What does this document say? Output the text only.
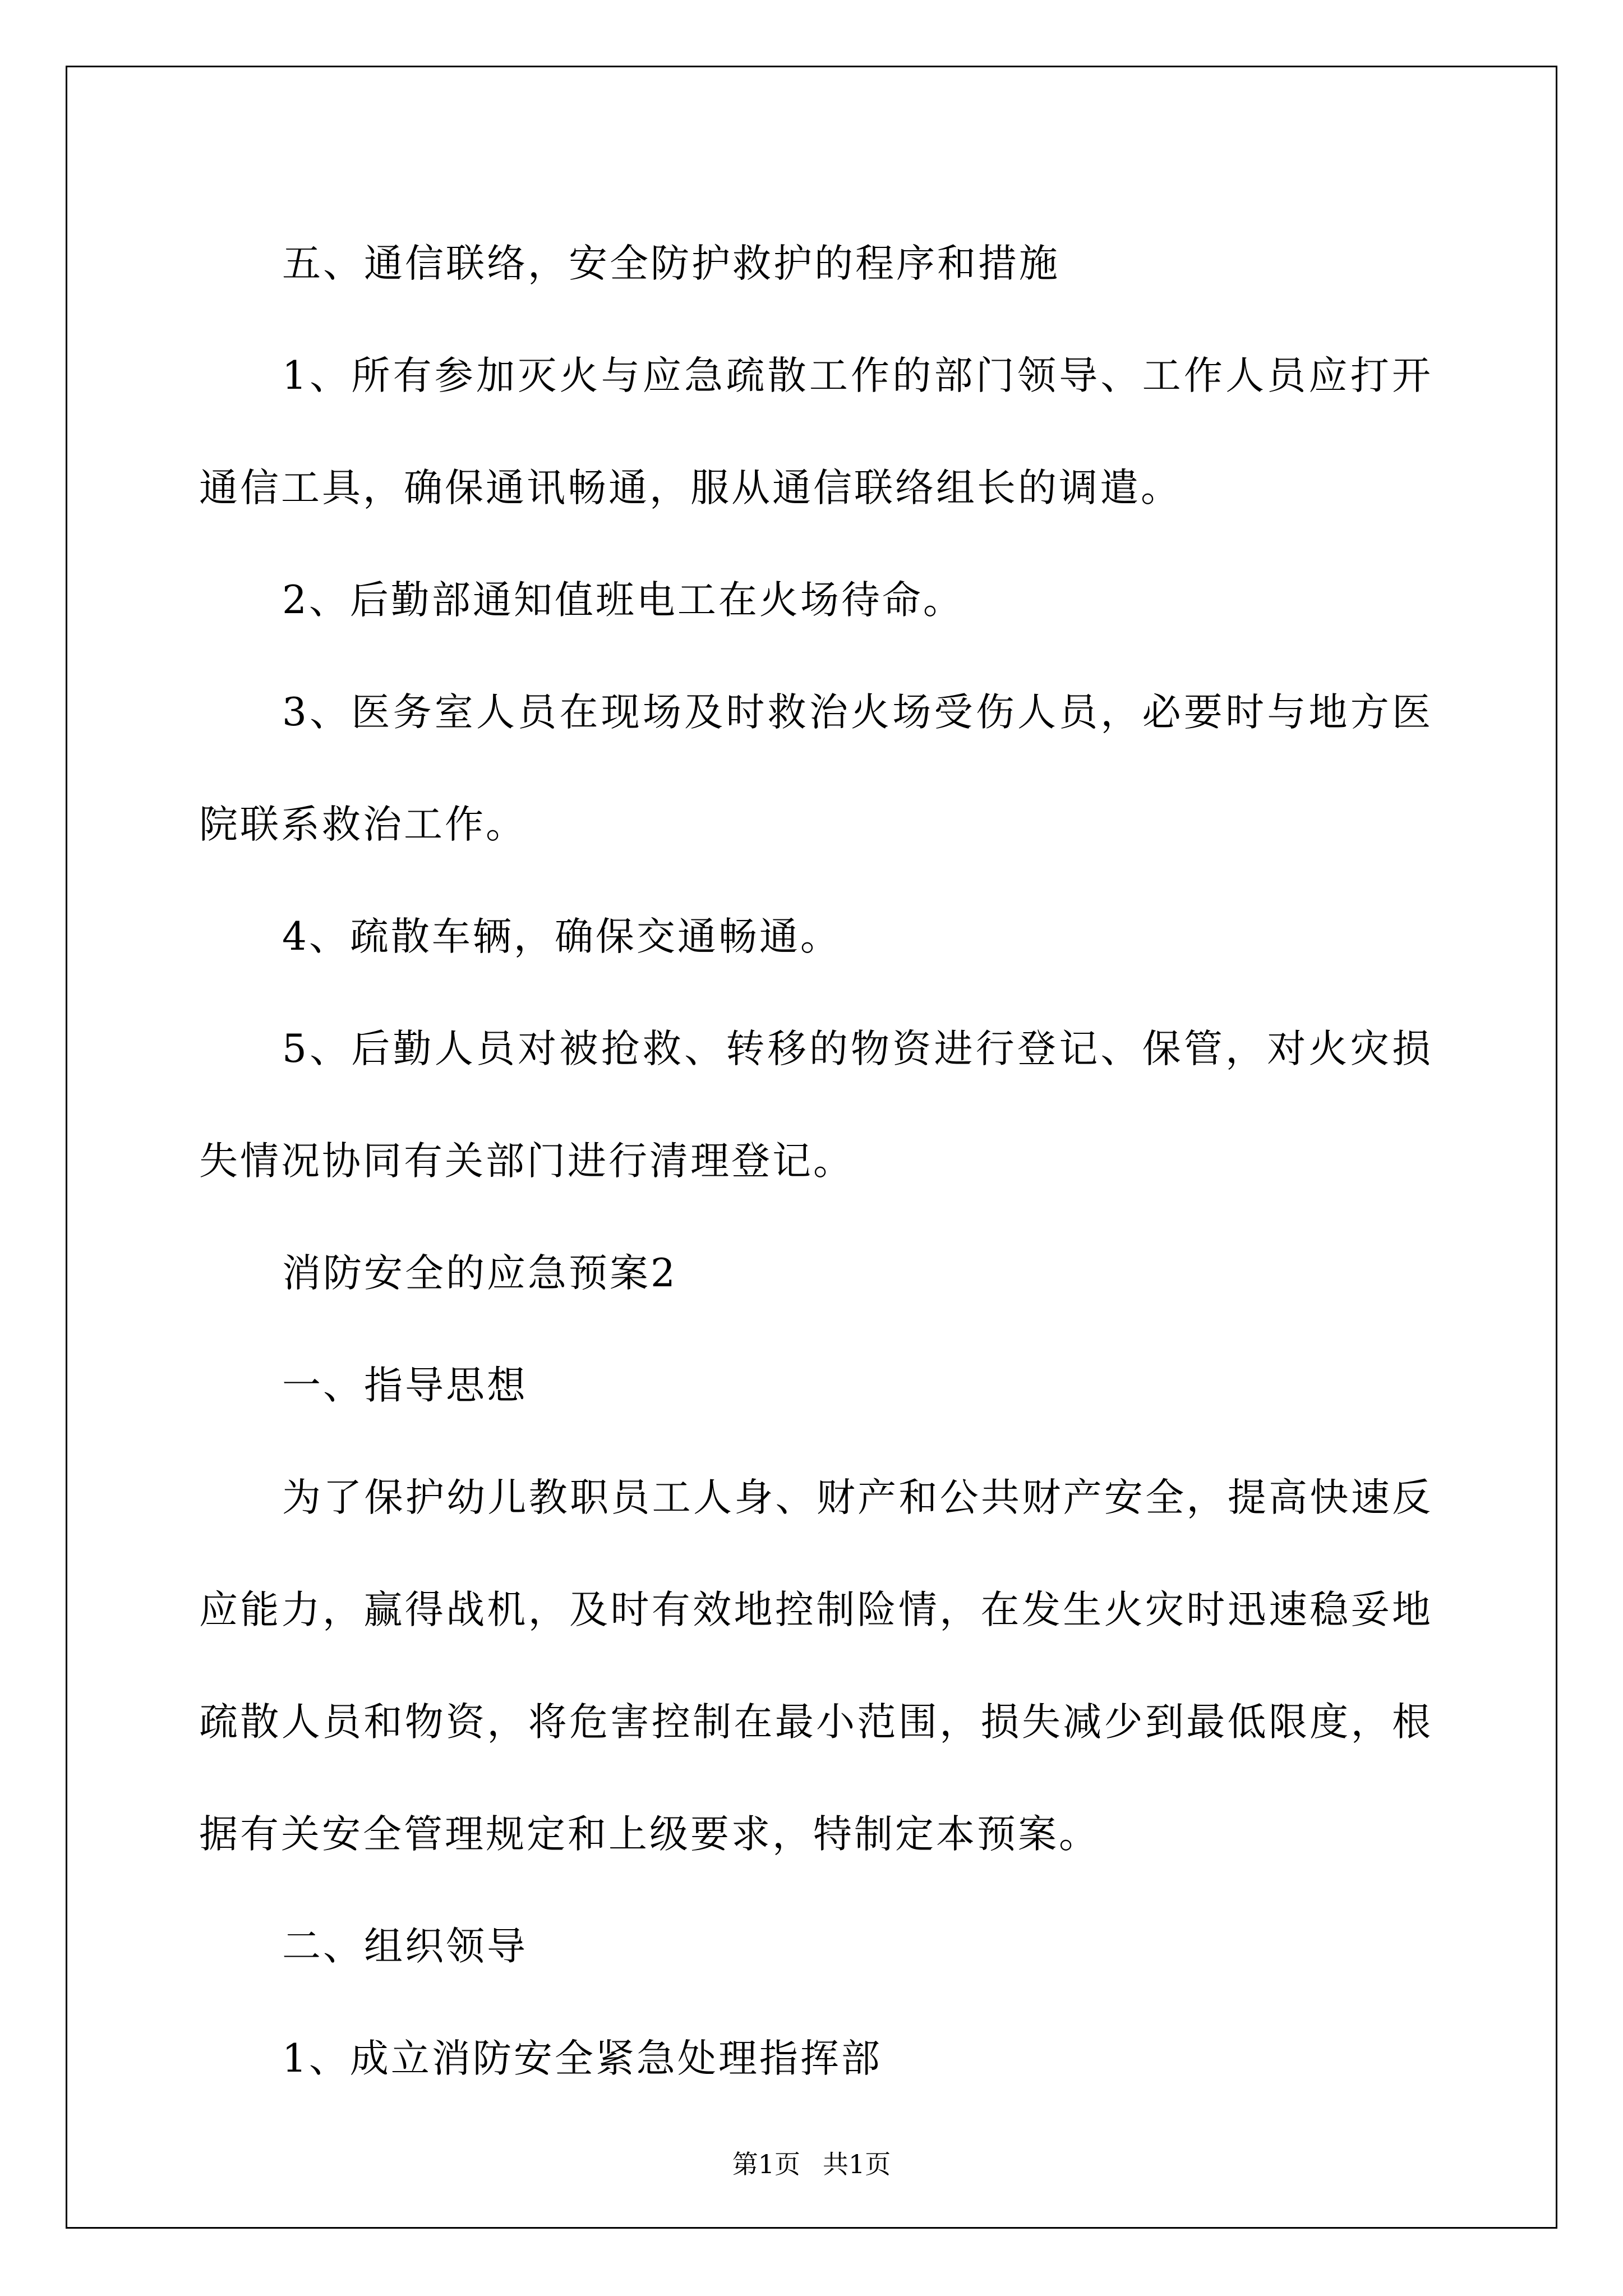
五、通信联络，安全防护救护的程序和措施

1、所有参加灭火与应急疏散工作的部门领导、工作人员应打开通信工具，确保通讯畅通，服从通信联络组长的调遣。

2、后勤部通知值班电工在火场待命。

3、医务室人员在现场及时救治火场受伤人员，必要时与地方医院联系救治工作。

4、疏散车辆，确保交通畅通。

5、后勤人员对被抢救、转移的物资进行登记、保管，对火灾损失情况协同有关部门进行清理登记。

消防安全的应急预案2

一、指导思想

为了保护幼儿教职员工人身、财产和公共财产安全，提高快速反应能力，赢得战机，及时有效地控制险情，在发生火灾时迅速稳妥地疏散人员和物资，将危害控制在最小范围，损失减少到最低限度，根据有关安全管理规定和上级要求，特制定本预案。

二、组织领导

1、成立消防安全紧急处理指挥部

第1页 共1页
